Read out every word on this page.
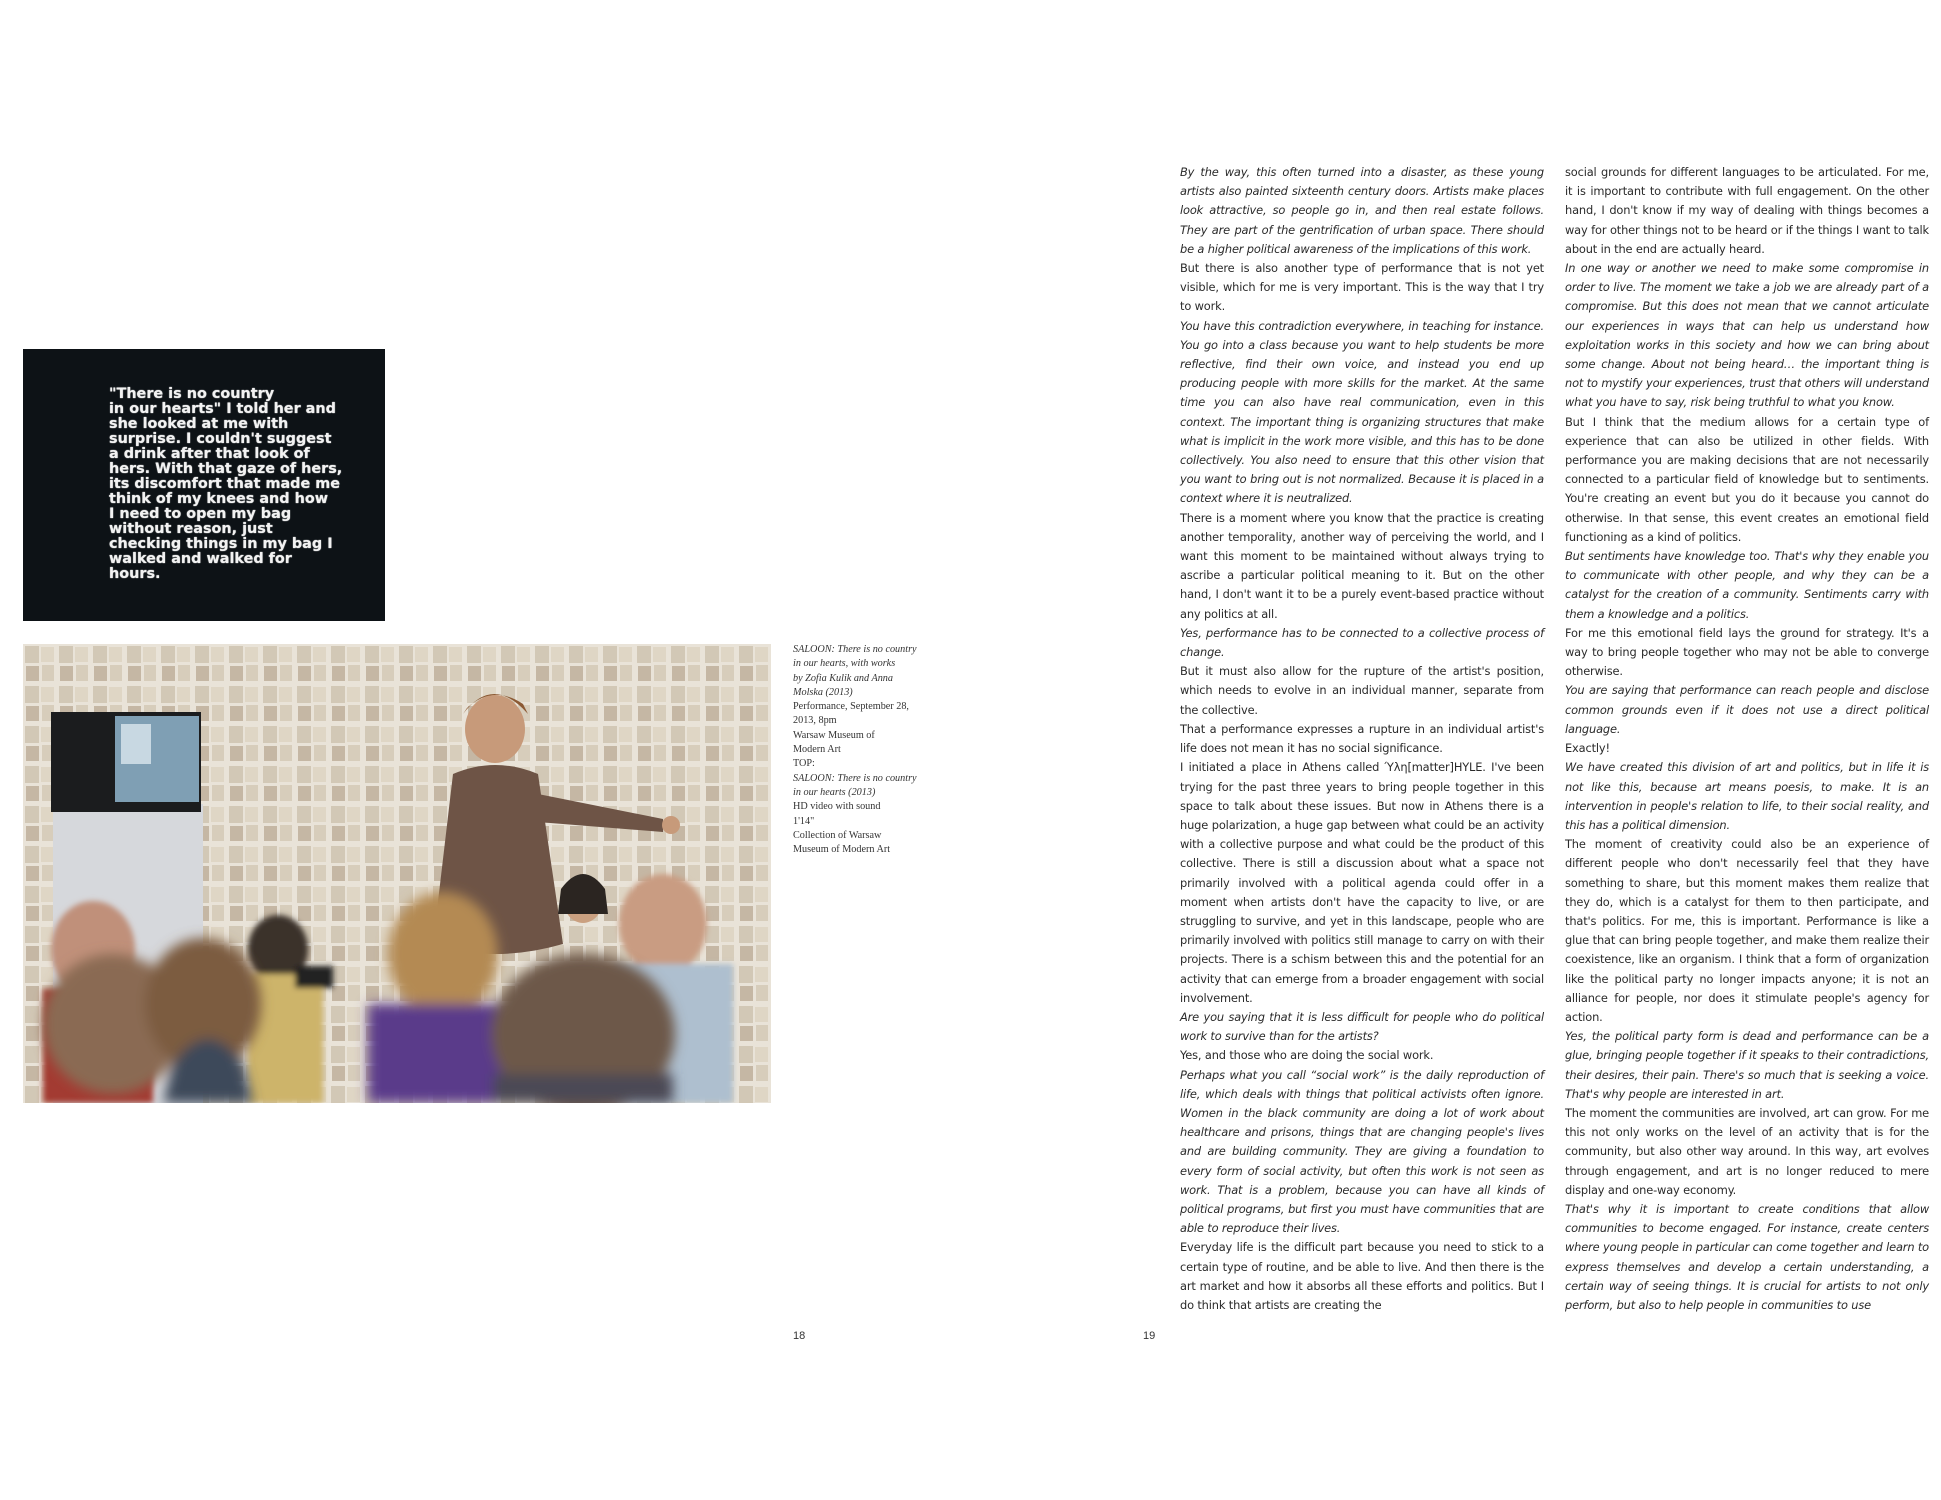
"There is no country
in our hearts" I told her and
she looked at me with
surprise. I couldn't suggest
a drink after that look of
hers. With that gaze of hers,
its discomfort that made me
think of my knees and how
I need to open my bag
without reason, just
checking things in my bag I
walked and walked for
hours.
SALOON: There is no country
in our hearts, with works
by Zofia Kulik and Anna
Molska (2013)
Performance, September 28,
2013, 8pm
Warsaw Museum of
Modern Art
TOP:
SALOON: There is no country
in our hearts (2013)
HD video with sound
1'14"
Collection of Warsaw
Museum of Modern Art
18	19

By the way, this often turned into a disaster, as these young artists also painted sixteenth century doors. Artists make places look attractive, so people go in, and then real estate follows. They are part of the gentrification of urban space. There should be a higher political awareness of the implications of this work.

But there is also another type of performance that is not yet visible, which for me is very important. This is the way that I try to work.

You have this contradiction everywhere, in teaching for instance. You go into a class because you want to help students be more reflective, find their own voice, and instead you end up producing people with more skills for the market. At the same time you can also have real communication, even in this context. The important thing is organizing structures that make what is implicit in the work more visible, and this has to be done collectively. You also need to ensure that this other vision that you want to bring out is not normalized. Because it is placed in a context where it is neutralized.

There is a moment where you know that the practice is creating another temporality, another way of perceiving the world, and I want this moment to be maintained without always trying to ascribe a particular political meaning to it. But on the other hand, I don't want it to be a purely event-based practice without any politics at all.

Yes, performance has to be connected to a collective process of change.

But it must also allow for the rupture of the artist's position, which needs to evolve in an individual manner, separate from the collective.

That a performance expresses a rupture in an individual artist's life does not mean it has no social significance.

I initiated a place in Athens called Ύλη[matter]HYLE. I've been trying for the past three years to bring people together in this space to talk about these issues. But now in Athens there is a huge polarization, a huge gap between what could be an activity with a collective purpose and what could be the product of this collective. There is still a discussion about what a space not primarily involved with a political agenda could offer in a moment when artists don't have the capacity to live, or are struggling to survive, and yet in this landscape, people who are primarily involved with politics still manage to carry on with their projects. There is a schism between this and the potential for an activity that can emerge from a broader engagement with social involvement.

Are you saying that it is less difficult for people who do political work to survive than for the artists?

Yes, and those who are doing the social work.

Perhaps what you call “social work” is the daily reproduction of life, which deals with things that political activists often ignore. Women in the black community are doing a lot of work about healthcare and prisons, things that are changing people's lives and are building community. They are giving a foundation to every form of social activity, but often this work is not seen as work. That is a problem, because you can have all kinds of political programs, but first you must have communities that are able to reproduce their lives.

Everyday life is the difficult part because you need to stick to a certain type of routine, and be able to live. And then there is the art market and how it absorbs all these efforts and politics. But I do think that artists are creating the

social grounds for different languages to be articulated. For me, it is important to contribute with full engagement. On the other hand, I don't know if my way of dealing with things becomes a way for other things not to be heard or if the things I want to talk about in the end are actually heard.

In one way or another we need to make some compromise in order to live. The moment we take a job we are already part of a compromise. But this does not mean that we cannot articulate our experiences in ways that can help us understand how exploitation works in this society and how we can bring about some change. About not being heard… the important thing is not to mystify your experiences, trust that others will understand what you have to say, risk being truthful to what you know.

But I think that the medium allows for a certain type of experience that can also be utilized in other fields. With performance you are making decisions that are not necessarily connected to a particular field of knowledge but to sentiments. You're creating an event but you do it because you cannot do otherwise. In that sense, this event creates an emotional field functioning as a kind of politics.

But sentiments have knowledge too. That's why they enable you to communicate with other people, and why they can be a catalyst for the creation of a community. Sentiments carry with them a knowledge and a politics.

For me this emotional field lays the ground for strategy. It's a way to bring people together who may not be able to converge otherwise.

You are saying that performance can reach people and disclose common grounds even if it does not use a direct political language.

Exactly!

We have created this division of art and politics, but in life it is not like this, because art means poesis, to make. It is an intervention in people's relation to life, to their social reality, and this has a political dimension.

The moment of creativity could also be an experience of different people who don't necessarily feel that they have something to share, but this moment makes them realize that they do, which is a catalyst for them to then participate, and that's politics. For me, this is important. Performance is like a glue that can bring people together, and make them realize their coexistence, like an organism. I think that a form of organization like the political party no longer impacts anyone; it is not an alliance for people, nor does it stimulate people's agency for action.

Yes, the political party form is dead and performance can be a glue, bringing people together if it speaks to their contradictions, their desires, their pain. There's so much that is seeking a voice. That's why people are interested in art.

The moment the communities are involved, art can grow. For me this not only works on the level of an activity that is for the community, but also other way around. In this way, art evolves through engagement, and art is no longer reduced to mere display and one-way economy.

That's why it is important to create conditions that allow communities to become engaged. For instance, create centers where young people in particular can come together and learn to express themselves and develop a certain understanding, a certain way of seeing things. It is crucial for artists to not only perform, but also to help people in communities to use
